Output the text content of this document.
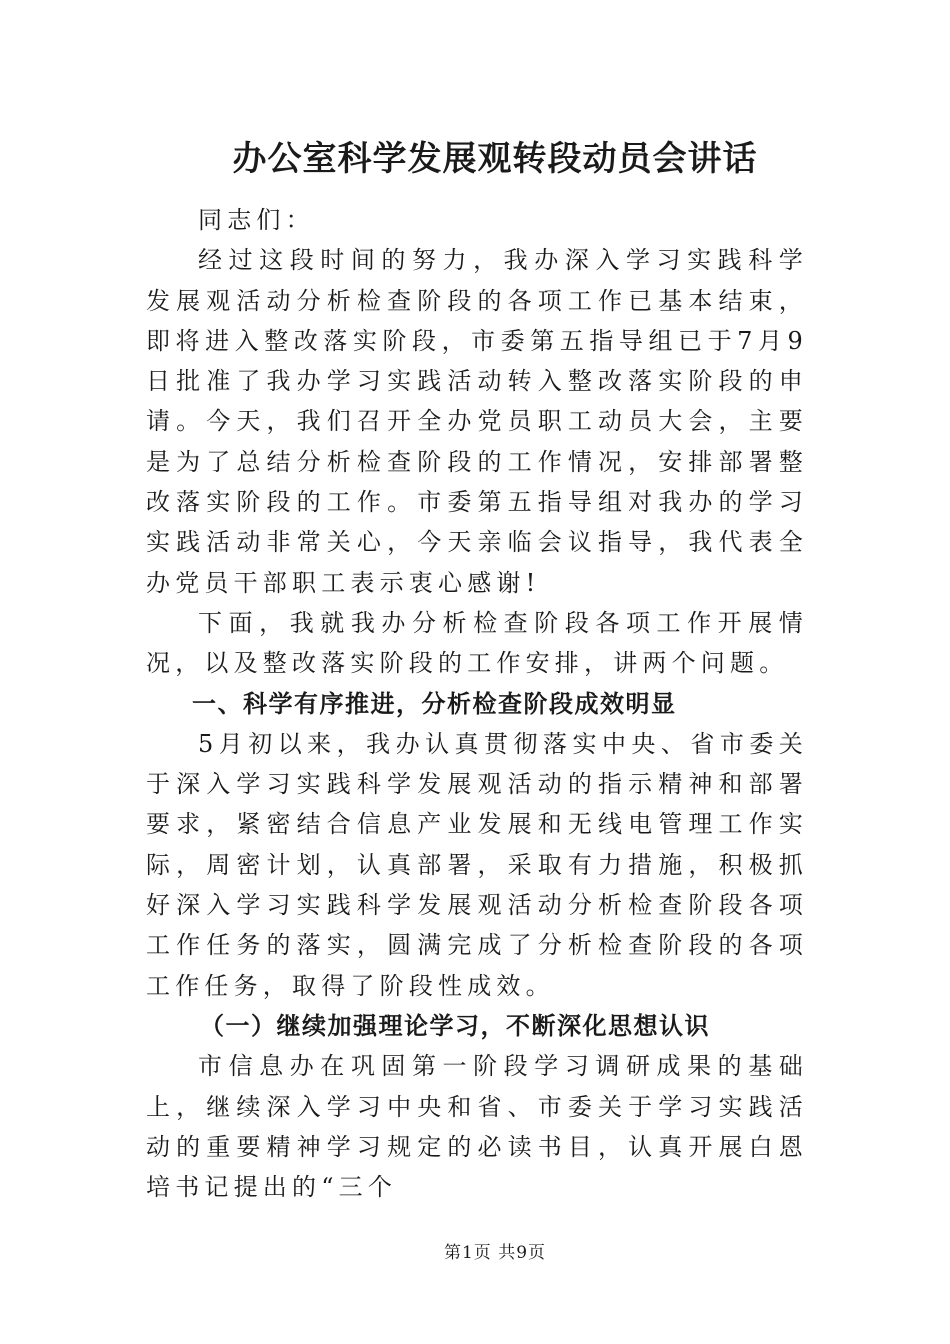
办公室科学发展观转段动员会讲话

同志们：

经过这段时间的努力，我办深入学习实践科学发展观活动分析检查阶段的各项工作已基本结束，即将进入整改落实阶段，市委第五指导组已于7月9日批准了我办学习实践活动转入整改落实阶段的申请。今天，我们召开全办党员职工动员大会，主要是为了总结分析检查阶段的工作情况，安排部署整改落实阶段的工作。市委第五指导组对我办的学习实践活动非常关心，今天亲临会议指导，我代表全办党员干部职工表示衷心感谢!

下面，我就我办分析检查阶段各项工作开展情况，以及整改落实阶段的工作安排，讲两个问题。

一、科学有序推进，分析检查阶段成效明显

5月初以来，我办认真贯彻落实中央、省市委关于深入学习实践科学发展观活动的指示精神和部署要求，紧密结合信息产业发展和无线电管理工作实际，周密计划，认真部署，采取有力措施，积极抓好深入学习实践科学发展观活动分析检查阶段各项工作任务的落实，圆满完成了分析检查阶段的各项工作任务，取得了阶段性成效。

（一）继续加强理论学习，不断深化思想认识

市信息办在巩固第一阶段学习调研成果的基础上，继续深入学习中央和省、市委关于学习实践活动的重要精神学习规定的必读书目，认真开展白恩培书记提出的“三个

第1页 共9页
